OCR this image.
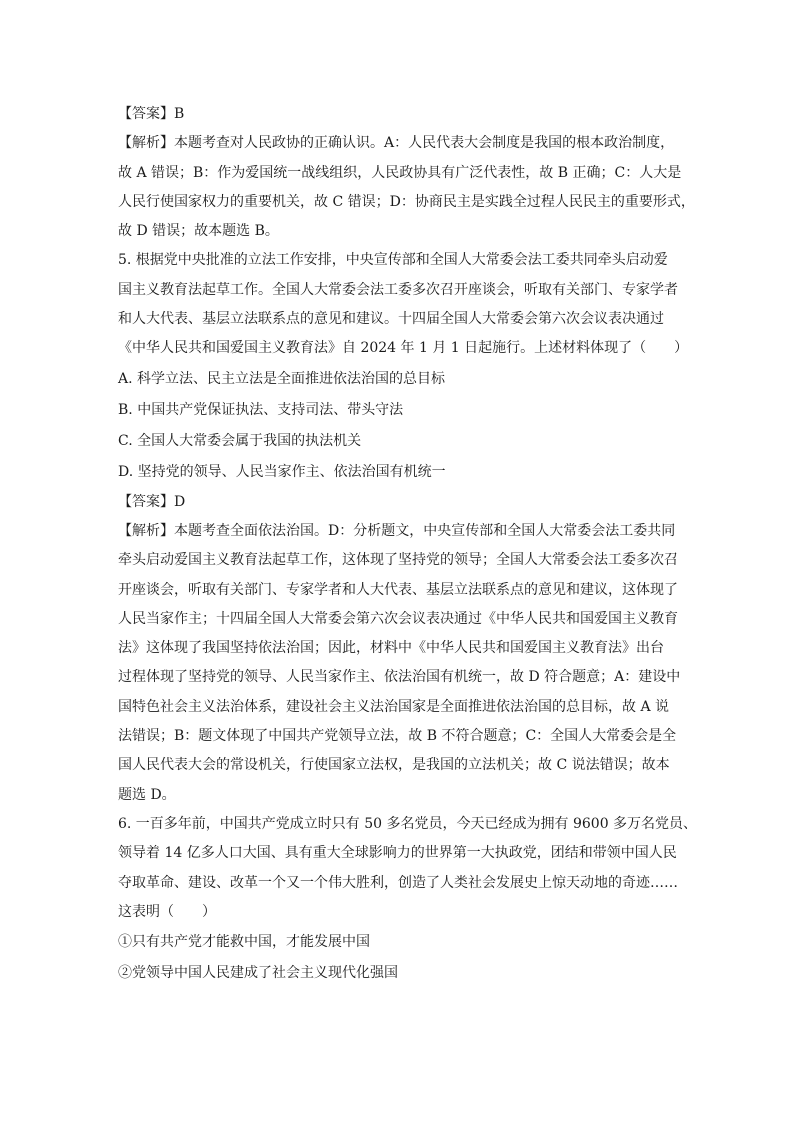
【答案】B
【解析】本题考查对人民政协的正确认识。A：人民代表大会制度是我国的根本政治制度，
故 A 错误；B：作为爱国统一战线组织，人民政协具有广泛代表性，故 B 正确；C：人大是
人民行使国家权力的重要机关，故 C 错误；D：协商民主是实践全过程人民民主的重要形式，
故 D 错误；故本题选 B。
5. 根据党中央批准的立法工作安排，中央宣传部和全国人大常委会法工委共同牵头启动爱
国主义教育法起草工作。全国人大常委会法工委多次召开座谈会，听取有关部门、专家学者
和人大代表、基层立法联系点的意见和建议。十四届全国人大常委会第六次会议表决通过
《中华人民共和国爱国主义教育法》自 2024 年 1 月 1 日起施行。上述材料体现了（　　）
A. 科学立法、民主立法是全面推进依法治国的总目标
B. 中国共产党保证执法、支持司法、带头守法
C. 全国人大常委会属于我国的执法机关
D. 坚持党的领导、人民当家作主、依法治国有机统一
【答案】D
【解析】本题考查全面依法治国。D：分析题文，中央宣传部和全国人大常委会法工委共同
牵头启动爱国主义教育法起草工作，这体现了坚持党的领导；全国人大常委会法工委多次召
开座谈会，听取有关部门、专家学者和人大代表、基层立法联系点的意见和建议，这体现了
人民当家作主；十四届全国人大常委会第六次会议表决通过《中华人民共和国爱国主义教育
法》这体现了我国坚持依法治国；因此，材料中《中华人民共和国爱国主义教育法》出台
过程体现了坚持党的领导、人民当家作主、依法治国有机统一，故 D 符合题意；A：建设中
国特色社会主义法治体系，建设社会主义法治国家是全面推进依法治国的总目标，故 A 说
法错误；B：题文体现了中国共产党领导立法，故 B 不符合题意；C：全国人大常委会是全
国人民代表大会的常设机关，行使国家立法权，是我国的立法机关；故 C 说法错误；故本
题选 D。
6. 一百多年前，中国共产党成立时只有 50 多名党员，今天已经成为拥有 9600 多万名党员、
领导着 14 亿多人口大国、具有重大全球影响力的世界第一大执政党，团结和带领中国人民
夺取革命、建设、改革一个又一个伟大胜利，创造了人类社会发展史上惊天动地的奇迹……
这表明（　　）
①只有共产党才能救中国，才能发展中国
②党领导中国人民建成了社会主义现代化强国
